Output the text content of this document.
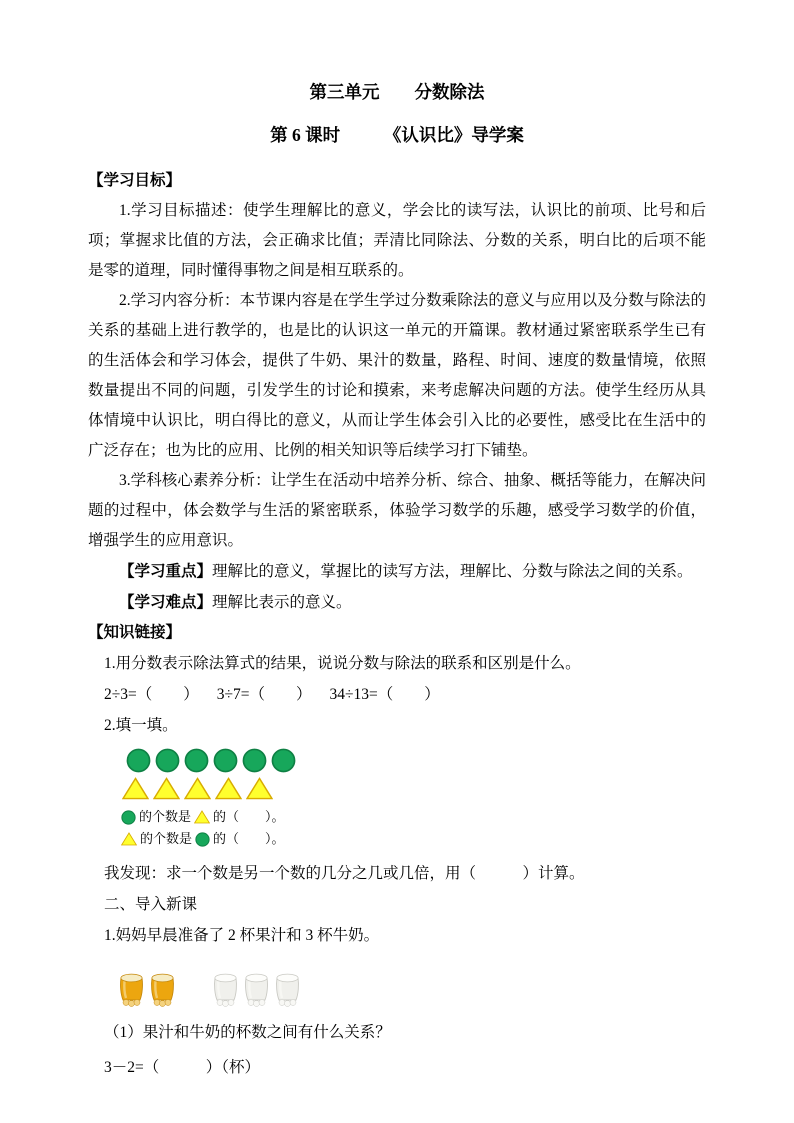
第三单元　　分数除法
第 6 课时　　　《认识比》导学案
【学习目标】

1.学习目标描述：使学生理解比的意义，学会比的读写法，认识比的前项、比号和后项；掌握求比值的方法，会正确求比值；弄清比同除法、分数的关系，明白比的后项不能是零的道理，同时懂得事物之间是相互联系的。

2.学习内容分析：本节课内容是在学生学过分数乘除法的意义与应用以及分数与除法的关系的基础上进行教学的，也是比的认识这一单元的开篇课。教材通过紧密联系学生已有的生活体会和学习体会，提供了牛奶、果汁的数量，路程、时间、速度的数量情境，依照数量提出不同的问题，引发学生的讨论和摸索，来考虑解决问题的方法。使学生经历从具体情境中认识比，明白得比的意义，从而让学生体会引入比的必要性，感受比在生活中的广泛存在；也为比的应用、比例的相关知识等后续学习打下铺垫。

3.学科核心素养分析：让学生在活动中培养分析、综合、抽象、概括等能力，在解决问题的过程中，体会数学与生活的紧密联系，体验学习数学的乐趣，感受学习数学的价值，增强学生的应用意识。

【学习重点】理解比的意义，掌握比的读写方法，理解比、分数与除法之间的关系。
【学习难点】理解比表示的意义。
【知识链接】
1.用分数表示除法算式的结果，说说分数与除法的联系和区别是什么。
2÷3=（　　） 3÷7=（　　） 34÷13=（　　）
2.填一填。
的个数是 的（　　）。
的个数是 的（　　）。
我发现：求一个数是另一个数的几分之几或几倍，用（　　　）计算。
二、导入新课
1.妈妈早晨准备了 2 杯果汁和 3 杯牛奶。
（1）果汁和牛奶的杯数之间有什么关系？
3－2=（　　　）（杯）
